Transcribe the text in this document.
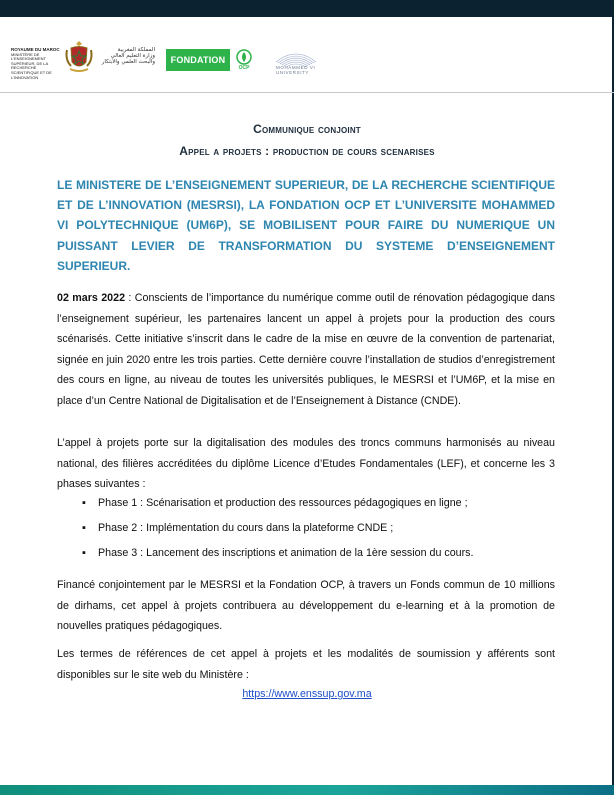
ROYAUME DU MAROC
MINISTÈRE DE L'ENSEIGNEMENT
SUPÉRIEUR, DE LA RECHERCHE
SCIENTIFIQUE ET DE L'INNOVATION
المملكة المغربية
وزارة التعليم العالي
والبحث العلمي والابتكار	FONDATION
OCP	MOHAMMED VI
UNIVERSITY
Communique conjoint
Appel a projets : production de cours scenarises
LE MINISTERE DE L’ENSEIGNEMENT SUPERIEUR, DE LA RECHERCHE SCIENTIFIQUE ET DE L’INNOVATION (MESRSI), LA FONDATION OCP ET L’UNIVERSITE MOHAMMED VI POLYTECHNIQUE (UM6P), SE MOBILISENT POUR FAIRE DU NUMERIQUE UN PUISSANT LEVIER DE TRANSFORMATION DU SYSTEME D’ENSEIGNEMENT SUPERIEUR.
02 mars 2022 : Conscients de l’importance du numérique comme outil de rénovation pédagogique dans l’enseignement supérieur, les partenaires lancent un appel à projets pour la production des cours scénarisés. Cette initiative s’inscrit dans le cadre de la mise en œuvre de la convention de partenariat, signée en juin 2020 entre les trois parties. Cette dernière couvre l’installation de studios d’enregistrement des cours en ligne, au niveau de toutes les universités publiques, le MESRSI et l’UM6P, et la mise en place d’un Centre National de Digitalisation et de l’Enseignement à Distance (CNDE).
L’appel à projets porte sur la digitalisation des modules des troncs communs harmonisés au niveau national, des filières accréditées du diplôme Licence d’Etudes Fondamentales (LEF), et concerne les 3 phases suivantes :
▪ Phase 1 : Scénarisation et production des ressources pédagogiques en ligne ;
▪ Phase 2 : Implémentation du cours dans la plateforme CNDE ;
▪ Phase 3 : Lancement des inscriptions et animation de la 1ère session du cours.
Financé conjointement par le MESRSI et la Fondation OCP, à travers un Fonds commun de 10 millions de dirhams, cet appel à projets contribuera au développement du e-learning et à la promotion de nouvelles pratiques pédagogiques.
Les termes de références de cet appel à projets et les modalités de soumission y afférents sont disponibles sur le site web du Ministère :
https://www.enssup.gov.ma
